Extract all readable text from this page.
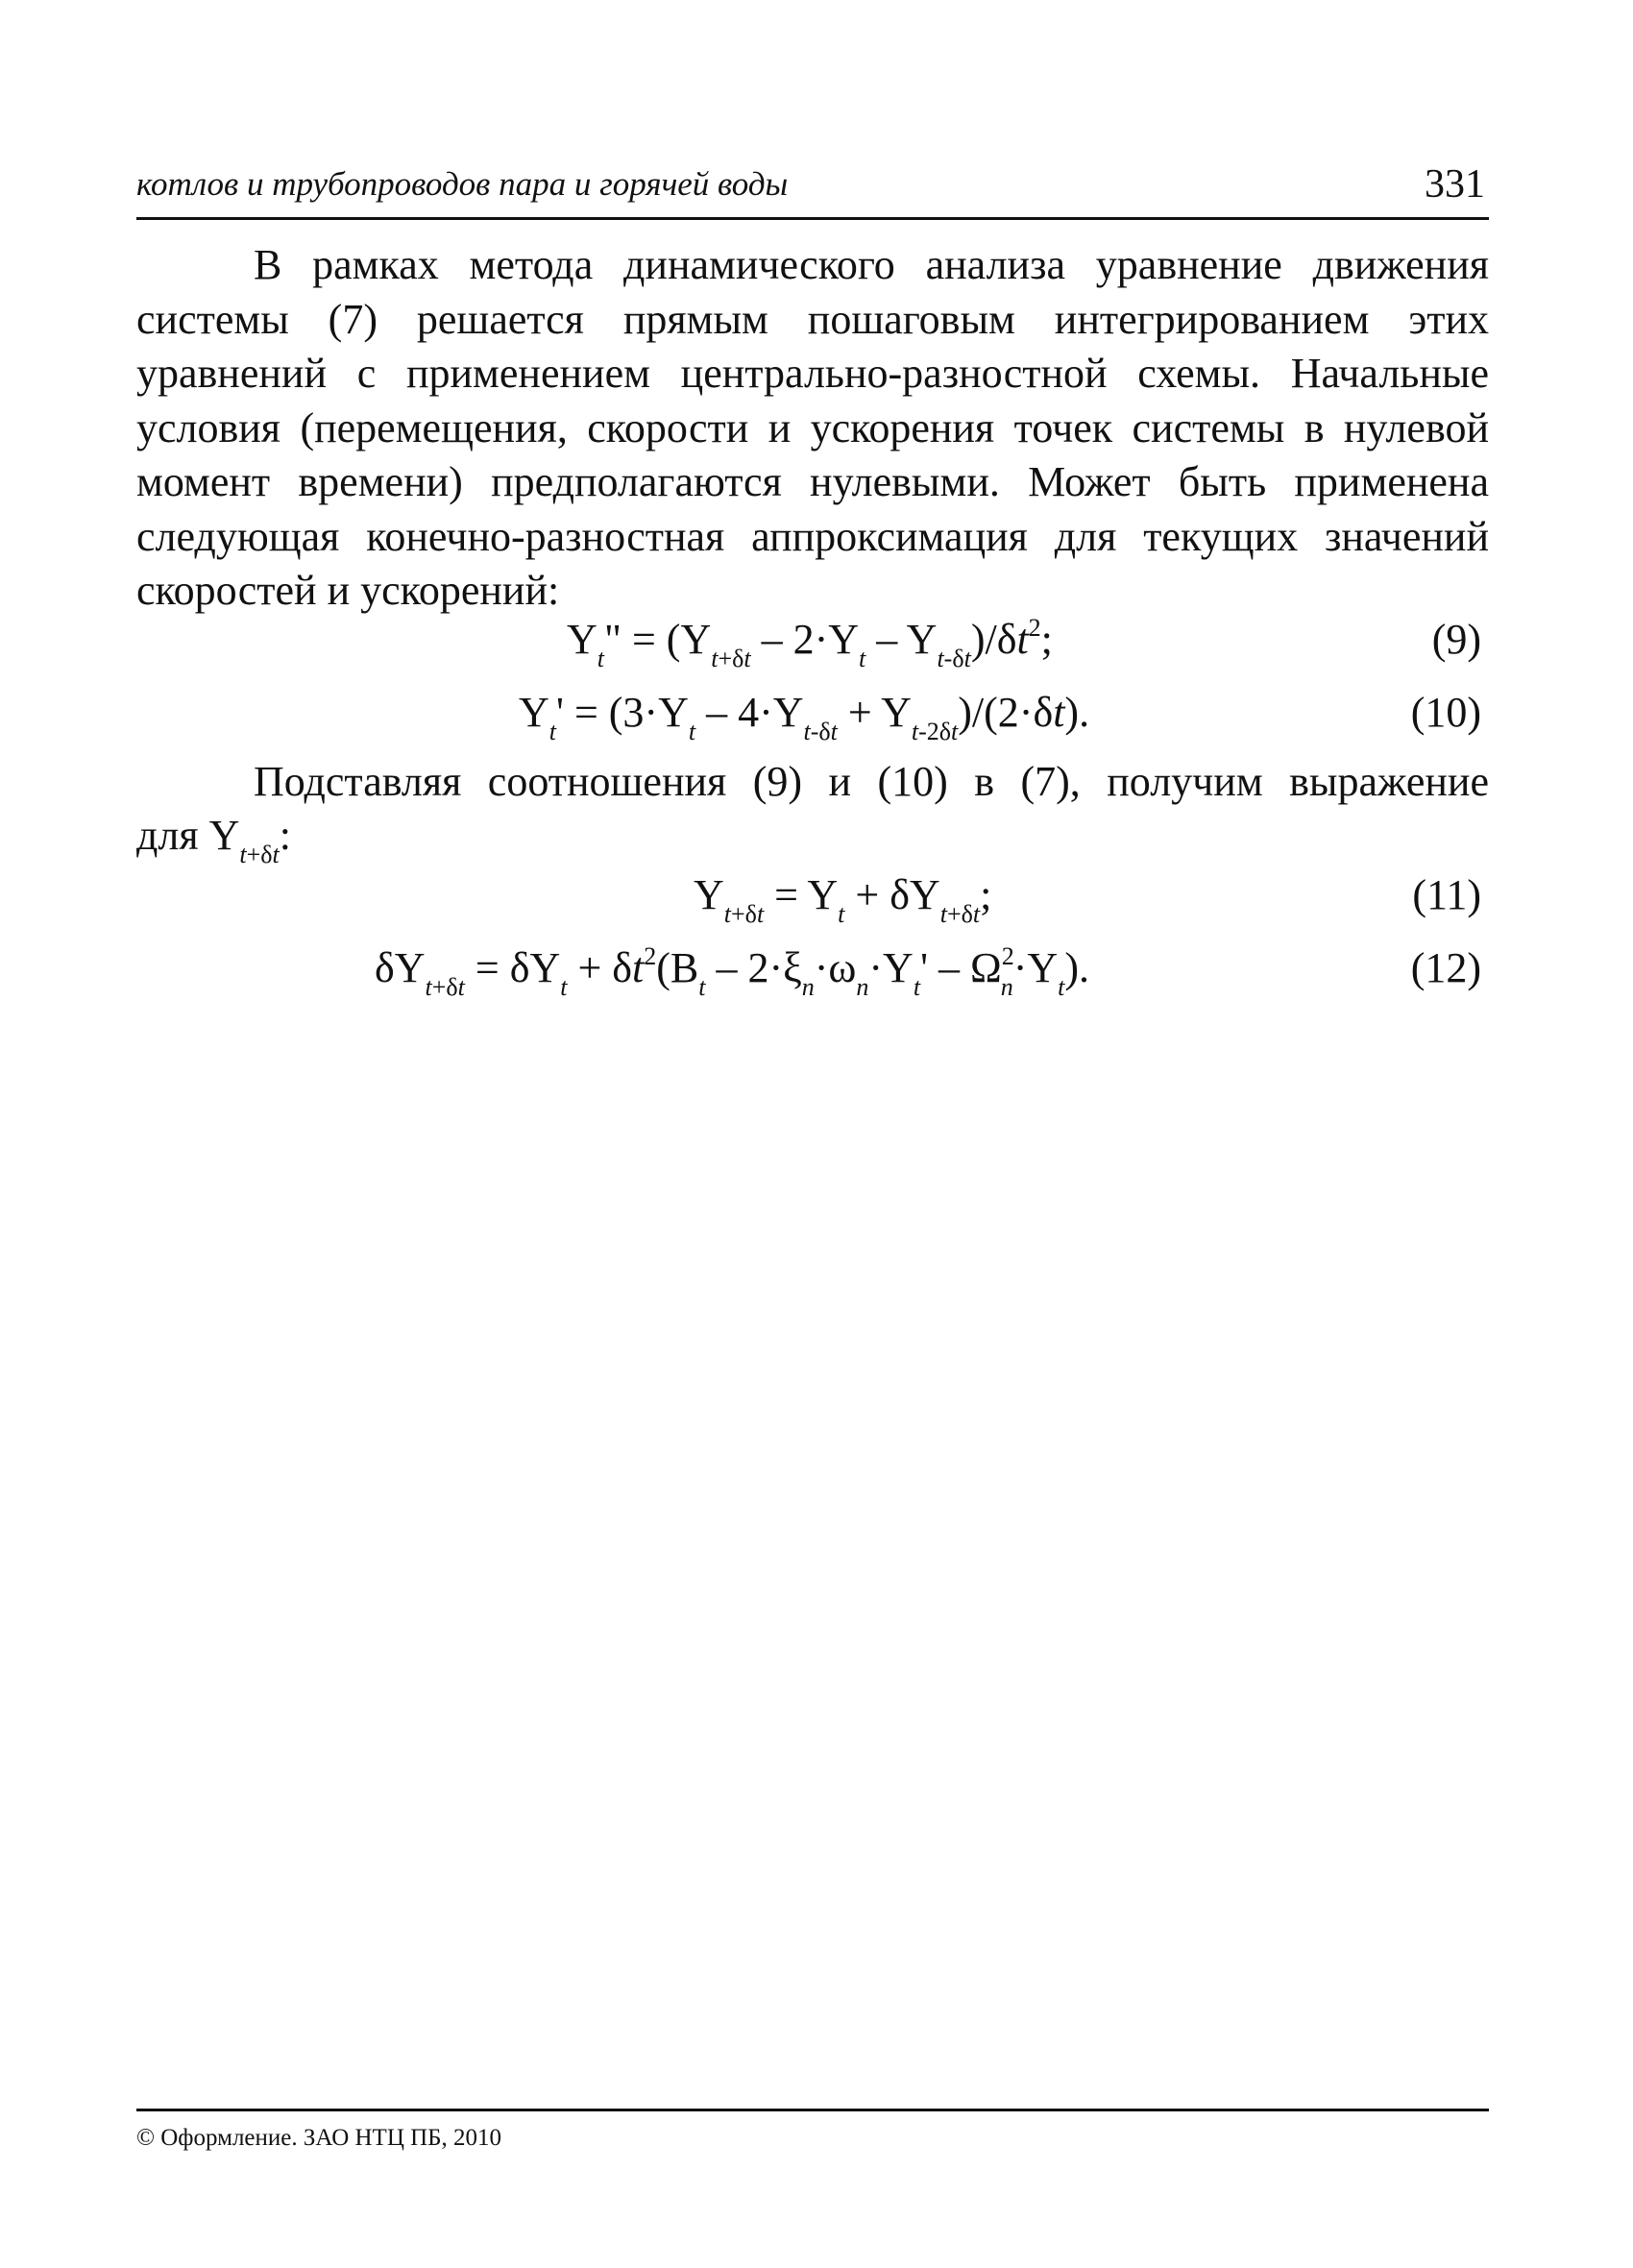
котлов и трубопроводов пара и горячей воды	331

В рамках метода динамического анализа уравнение движения системы (7) решается прямым пошаговым интегрированием этих уравнений с применением центрально-разностной схемы. Начальные условия (перемещения, скорости и ускорения точек системы в нулевой момент времени) предполагаются нулевыми. Может быть применена следующая конечно-разностная аппроксимация для текущих значений скоростей и ускорений:

$Y_t$" = $(Y_{t+\delta t} - 2\cdot Y_t - Y_{t-\delta t})/\delta t^2$;	(9)
$Y_t' = (3\cdot Y_t - 4\cdot Y_{t-\delta t} + Y_{t-2\delta t})/(2\cdot\delta t)$.	(10)
Подставляя соотношения (9) и (10) в (7), получим выражение
для $Y_{t+\delta t}$:
$Y_{t+\delta t} = Y_t + \delta Y_{t+\delta t}$;	(11)
$\delta Y_{t+\delta t} = \delta Y_t + \delta t^2(B_t - 2\cdot\xi_n\cdot\omega_n\cdot Y_t' - \Omega^2_n\cdot Y_t)$.	(12)
© Оформление. ЗАО НТЦ ПБ, 2010
